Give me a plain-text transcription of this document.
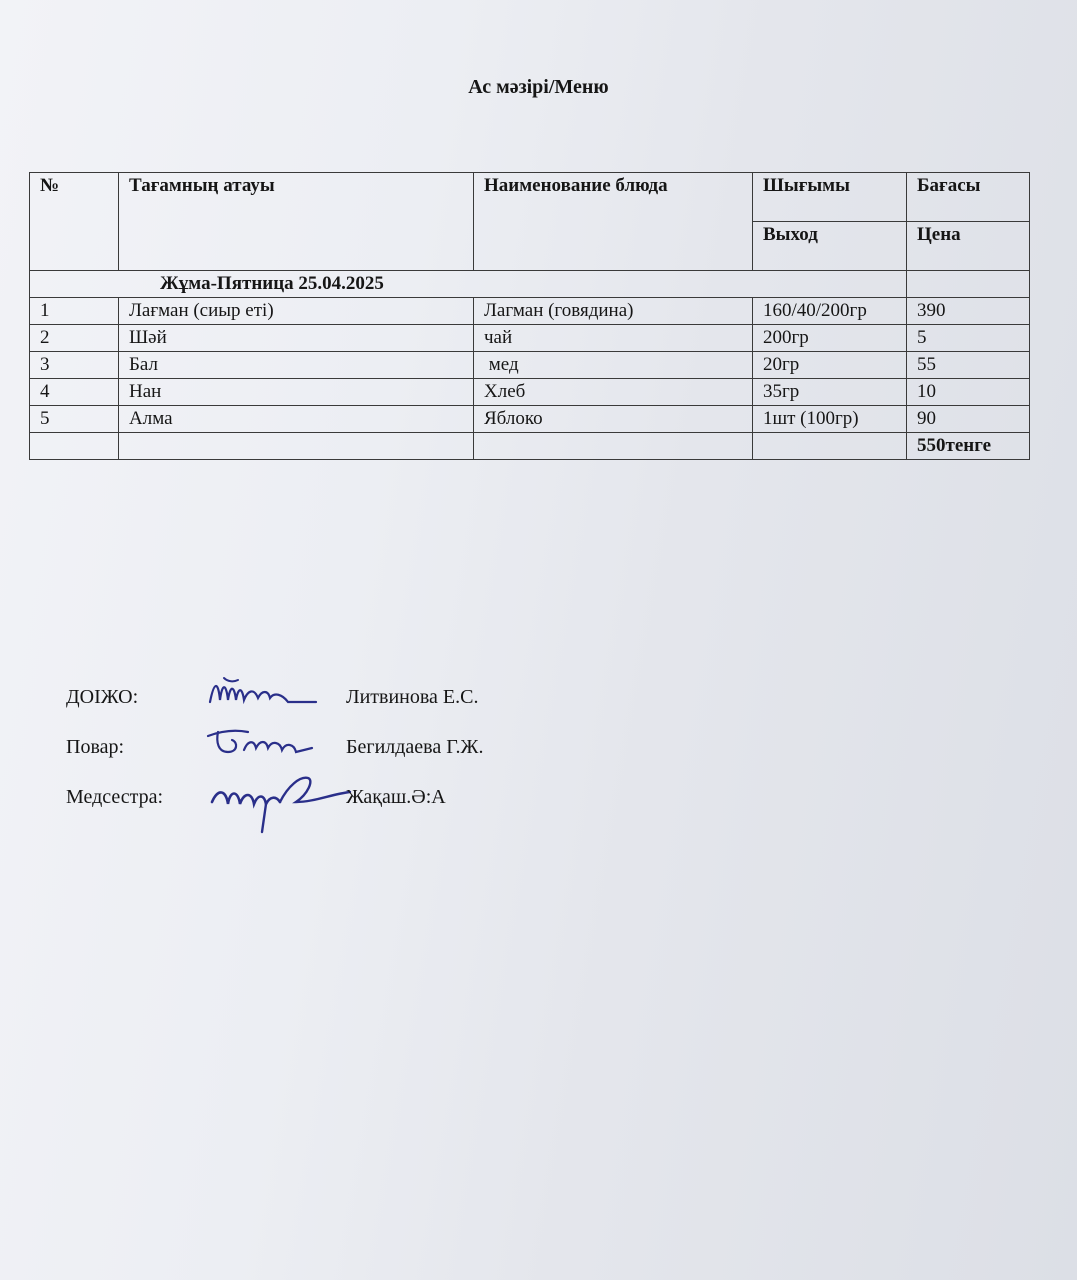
Ас мәзірі/Меню
№	Тағамның атауы	Наименование блюда	Шығымы	Бағасы
			Выход	Цена
Жұма-Пятница 25.04.2025				
1	Лағман (сиыр еті)	Лагман (говядина)	160/40/200гр	390
2	Шәй	чай	200гр	5
3	Бал	мед	20гр	55
4	Нан	Хлеб	35гр	10
5	Алма	Яблоко	1шт (100гр)	90
				550тенге
ДОІЖО:	Литвинова Е.С.
Повар:	Бегилдаева Г.Ж.
Медсестра:	Жақаш.Ә:А
